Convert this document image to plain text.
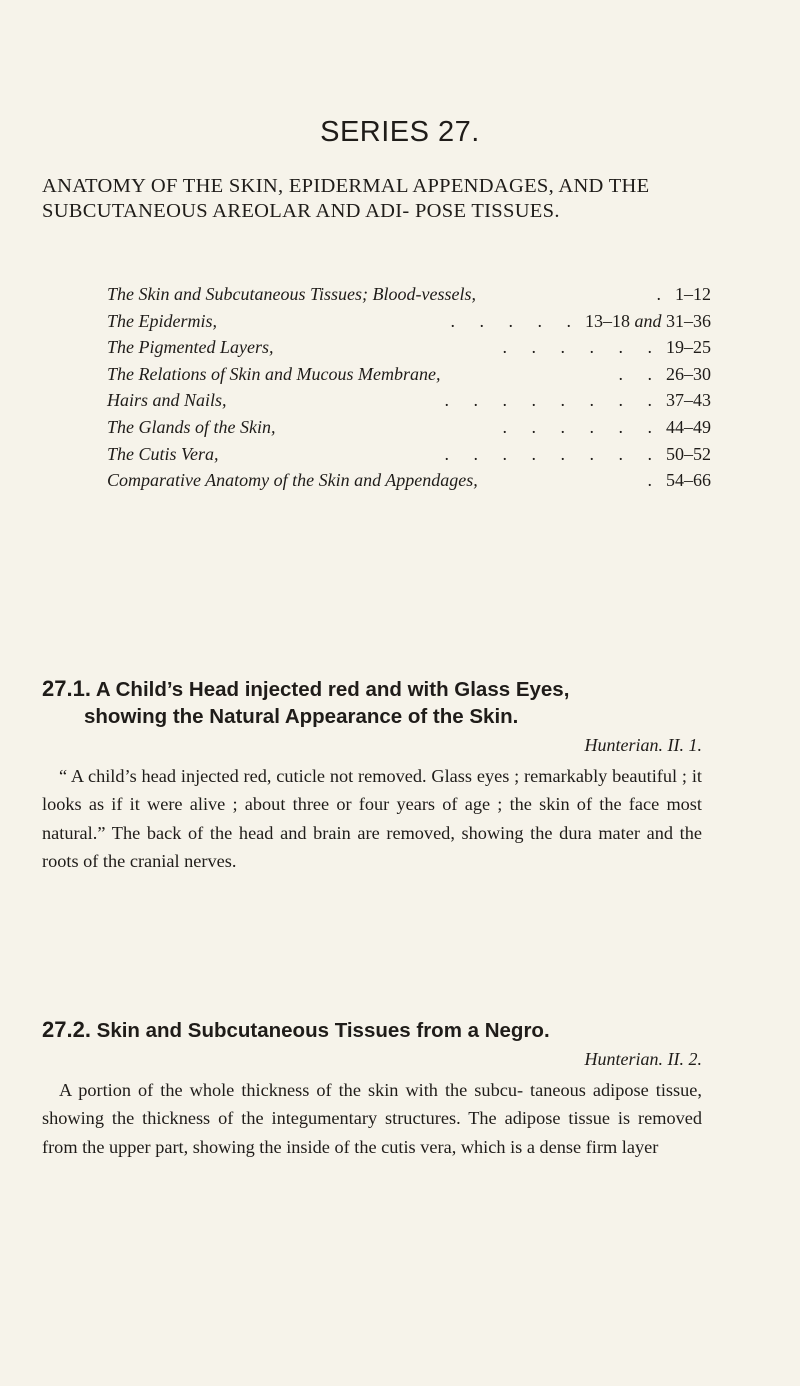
SERIES 27.

ANATOMY OF THE SKIN, EPIDERMAL APPENDAGES, AND THE SUBCUTANEOUS AREOLAR AND ADI- POSE TISSUES.

The Skin and Subcutaneous Tissues; Blood-vessels,	. 1–12
The Epidermis,	. . . . . 13–18 and 31–36
The Pigmented Layers,	. . . . . . 19–25
The Relations of Skin and Mucous Membrane,	. . 26–30
Hairs and Nails,	. . . . . . . . 37–43
The Glands of the Skin,	. . . . . . 44–49
The Cutis Vera,	. . . . . . . . 50–52
Comparative Anatomy of the Skin and Appendages,	. 54–66
27.1. A Child’s Head injected red and with Glass Eyes,
showing the Natural Appearance of the Skin.

Hunterian. II. 1.

“ A child’s head injected red, cuticle not removed. Glass eyes ; remarkably beautiful ; it looks as if it were alive ; about three or four years of age ; the skin of the face most natural.” The back of the head and brain are removed, showing the dura mater and the roots of the cranial nerves.

27.2. Skin and Subcutaneous Tissues from a Negro.

Hunterian. II. 2.

A portion of the whole thickness of the skin with the subcu- taneous adipose tissue, showing the thickness of the integumentary structures. The adipose tissue is removed from the upper part, showing the inside of the cutis vera, which is a dense firm layer
